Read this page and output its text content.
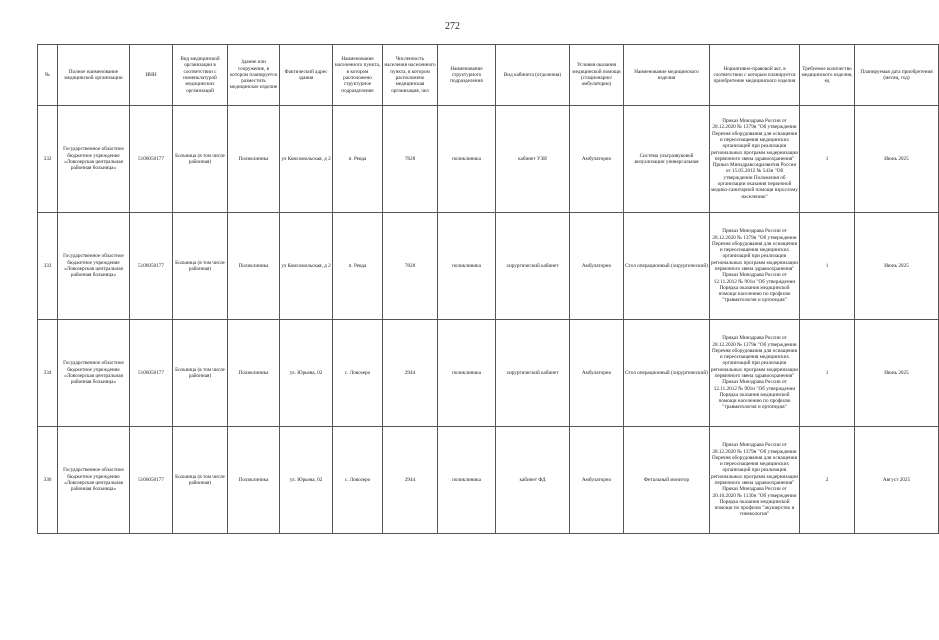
272
№	Полное наименование медицинской организации	ИНН	Вид медицинской организации в соответствии с номенклатурой медицинских организаций	Здание или сооружение, в котором планируется разместить медицинское изделие	Фактический адрес здания	Наименование населенного пункта, в котором расположено структурное подразделение	Численность населения населенного пункта, в котором расположено медицинская организация, чел	Наименование структурного подразделения	Вид кабинета (отделения)	Условия оказания медицинской помощи (стационарно/амбулаторно)	Наименование медицинского изделия	Нормативно-правовой акт, в соответствии с которым планируется приобретение медицинского изделия	Требуемое количество медицинского изделия, ед	Планируемая дата приобретения (месяц, год)
332	Государственное областное бюджетное учреждение «Ловозерская центральная районная больница»	5106050177	Больница (в том числе районная)	Поликлиника	ул Комсомольская, д 2	п. Ревда	7828	поликлиника	кабинет УЗИ	Амбулаторно	Система ультразвуковой визуализации универсальная	Приказ Минздрава России от 28.12.2020 № 1379н "Об утверждении Перечня оборудования для оснащения и переоснащения медицинских организаций при реализации региональных программ модернизации первичного звена здравоохранения" Приказ Минздравсоцразвития России от 15.05.2012 № 543н "Об утверждении Положения об организации оказания первичной медико-санитарной помощи взрослому населению"	1	Июнь 2025
333	Государственное областное бюджетное учреждение «Ловозерская центральная районная больница»	5106050177	Больница (в том числе районная)	Поликлиника	ул Комсомольская, д 2	п. Ревда	7828	поликлиника	хирургический кабинет	Амбулаторно	Стол операционный (хирургический)	Приказ Минздрава России от 28.12.2020 № 1379н "Об утверждении Перечня оборудования для оснащения и переоснащения медицинских организаций при реализации региональных программ модернизации первичного звена здравоохранения" Приказ Минздрава России от 12.11.2012 № 901н "Об утверждении Порядка оказания медицинской помощи населению по профилю "травматология и ортопедия"	1	Июнь 2025
334	Государственное областное бюджетное учреждение «Ловозерская центральная районная больница»	5106050177	Больница (в том числе районная)	Поликлиника	ул. Юрьева, 02	с. Ловозеро	2944	поликлиника	хирургический кабинет	Амбулаторно	Стол операционный (хирургический)	Приказ Минздрава России от 28.12.2020 № 1379н "Об утверждении Перечня оборудования для оснащения и переоснащения медицинских организаций при реализации региональных программ модернизации первичного звена здравоохранения" Приказ Минздрава России от 12.11.2012 № 901н "Об утверждении Порядка оказания медицинской помощи населению по профилю "травматология и ортопедия"	1	Июнь 2025
336	Государственное областное бюджетное учреждение «Ловозерская центральная районная больница»	5106050177	Больница (в том числе районная)	Поликлиника	ул. Юрьева, 02	с. Ловозеро	2944	поликлиника	кабинет ФД	Амбулаторно	Фетальный монитор	Приказ Минздрава России от 28.12.2020 № 1379н "Об утверждении Перечня оборудования для оснащения и переоснащения медицинских организаций при реализации региональных программ модернизации первичного звена здравоохранения" Приказ Минздрава России от 20.10.2020 № 1130н "Об утверждении Порядка оказания медицинской помощи по профилю "акушерство и гинекология"	2	Август 2025
